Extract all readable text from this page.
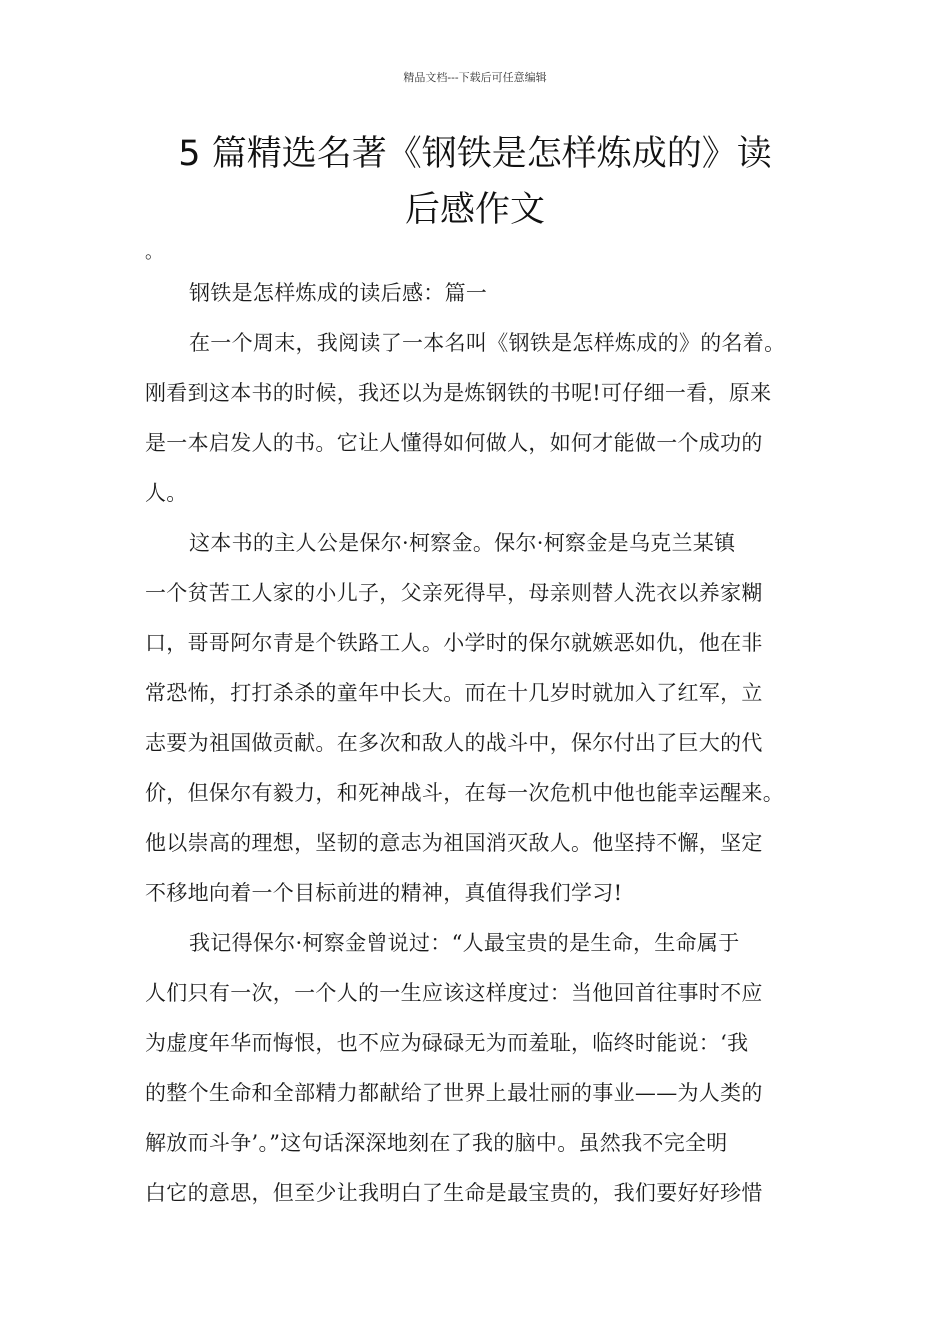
精品文档---下载后可任意编辑
5 篇精选名著《钢铁是怎样炼成的》读
后感作文
。
钢铁是怎样炼成的读后感：篇一
在一个周末，我阅读了一本名叫《钢铁是怎样炼成的》的名着。
刚看到这本书的时候，我还以为是炼钢铁的书呢!可仔细一看，原来
是一本启发人的书。它让人懂得如何做人，如何才能做一个成功的
人。
这本书的主人公是保尔·柯察金。保尔·柯察金是乌克兰某镇
一个贫苦工人家的小儿子，父亲死得早，母亲则替人洗衣以养家糊
口，哥哥阿尔青是个铁路工人。小学时的保尔就嫉恶如仇，他在非
常恐怖，打打杀杀的童年中长大。而在十几岁时就加入了红军，立
志要为祖国做贡献。在多次和敌人的战斗中，保尔付出了巨大的代
价，但保尔有毅力，和死神战斗，在每一次危机中他也能幸运醒来。
他以崇高的理想，坚韧的意志为祖国消灭敌人。他坚持不懈，坚定
不移地向着一个目标前进的精神，真值得我们学习!
我记得保尔·柯察金曾说过：“人最宝贵的是生命，生命属于
人们只有一次，一个人的一生应该这样度过：当他回首往事时不应
为虚度年华而悔恨，也不应为碌碌无为而羞耻，临终时能说：‘我
的整个生命和全部精力都献给了世界上最壮丽的事业——为人类的
解放而斗争’。”这句话深深地刻在了我的脑中。虽然我不完全明
白它的意思，但至少让我明白了生命是最宝贵的，我们要好好珍惜
